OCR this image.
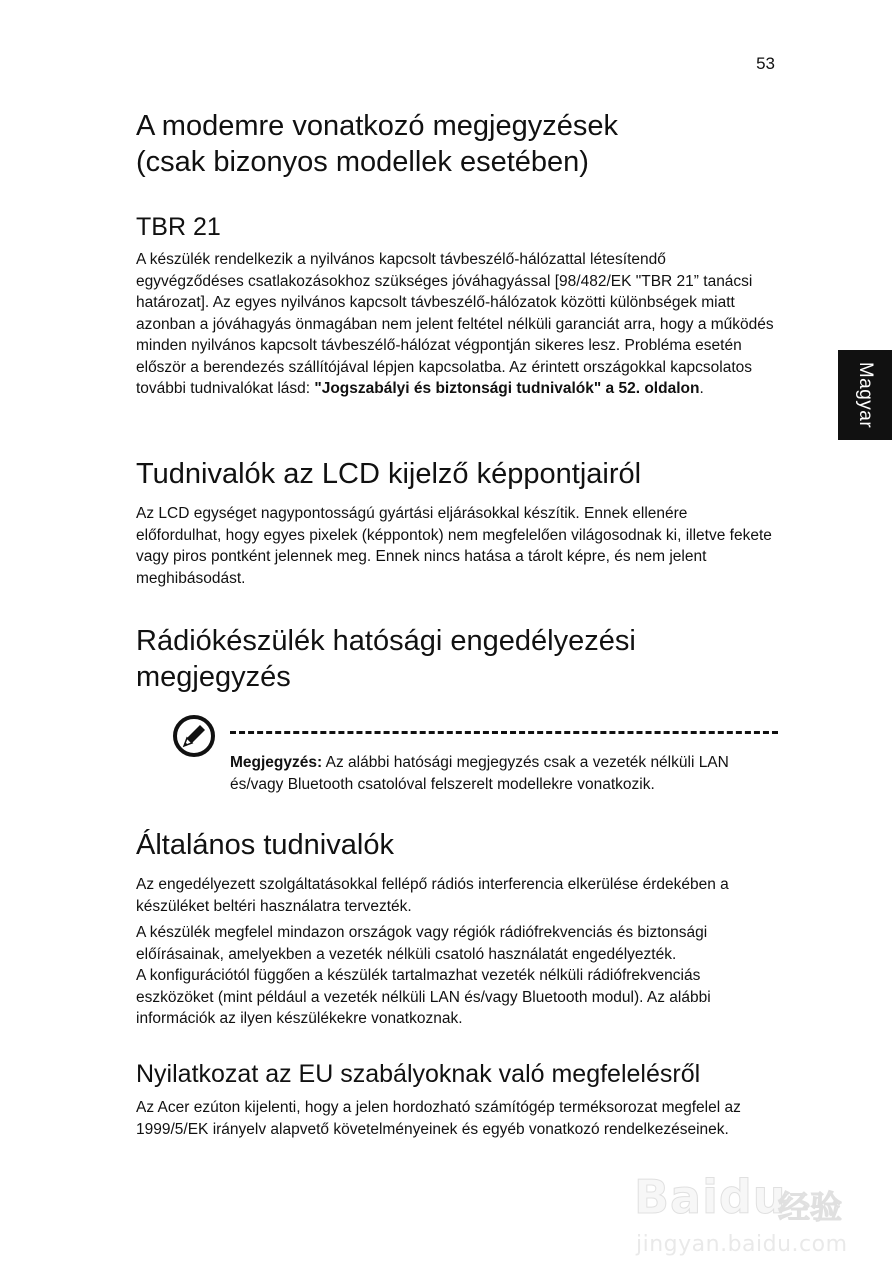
53
Magyar
A modemre vonatkozó megjegyzések
(csak bizonyos modellek esetében)
TBR 21

A készülék rendelkezik a nyilvános kapcsolt távbeszélő-hálózattal létesítendő egyvégződéses csatlakozásokhoz szükséges jóváhagyással [98/482/EK "TBR 21” tanácsi határozat]. Az egyes nyilvános kapcsolt távbeszélő-hálózatok közötti különbségek miatt azonban a jóváhagyás önmagában nem jelent feltétel nélküli garanciát arra, hogy a működés minden nyilvános kapcsolt távbeszélő-hálózat végpontján sikeres lesz. Probléma esetén először a berendezés szállítójával lépjen kapcsolatba. Az érintett országokkal kapcsolatos további tudnivalókat lásd: "Jogszabályi és biztonsági tudnivalók" a 52. oldalon.

Tudnivalók az LCD kijelző képpontjairól

Az LCD egységet nagypontosságú gyártási eljárásokkal készítik. Ennek ellenére előfordulhat, hogy egyes pixelek (képpontok) nem megfelelően világosodnak ki, illetve fekete vagy piros pontként jelennek meg. Ennek nincs hatása a tárolt képre, és nem jelent meghibásodást.

Rádiókészülék hatósági engedélyezési
megjegyzés

Megjegyzés: Az alábbi hatósági megjegyzés csak a vezeték nélküli LAN és/vagy Bluetooth csatolóval felszerelt modellekre vonatkozik.

Általános tudnivalók

Az engedélyezett szolgáltatásokkal fellépő rádiós interferencia elkerülése érdekében a készüléket beltéri használatra tervezték.

A készülék megfelel mindazon országok vagy régiók rádiófrekvenciás és biztonsági előírásainak, amelyekben a vezeték nélküli csatoló használatát engedélyezték.
A konfigurációtól függően a készülék tartalmazhat vezeték nélküli rádiófrekvenciás eszközöket (mint például a vezeték nélküli LAN és/vagy Bluetooth modul). Az alábbi információk az ilyen készülékekre vonatkoznak.

Nyilatkozat az EU szabályoknak való megfelelésről

Az Acer ezúton kijelenti, hogy a jelen hordozható számítógép terméksorozat megfelel az 1999/5/EK irányelv alapvető követelményeinek és egyéb vonatkozó rendelkezéseinek.

Baidu
经验
jingyan.baidu.com
